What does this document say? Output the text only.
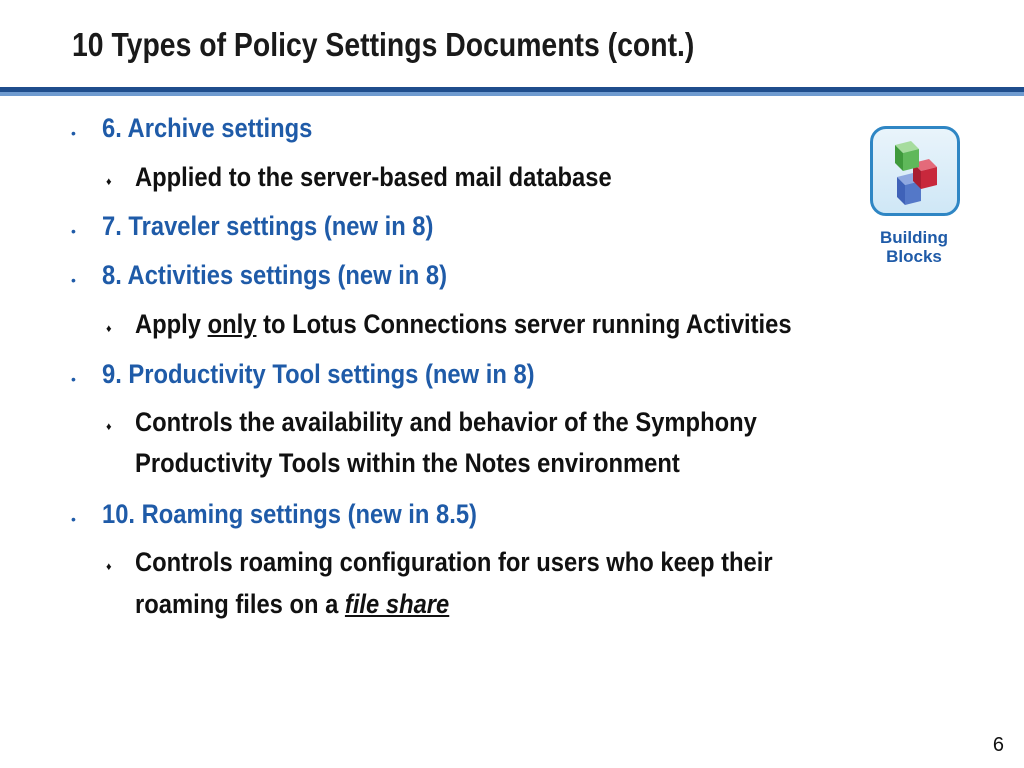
10 Types of Policy Settings Documents (cont.)
• 6. Archive settings
♦ Applied to the server-based mail database
• 7. Traveler settings (new in 8)
• 8. Activities settings (new in 8)
♦ Apply only to Lotus Connections server running Activities
• 9. Productivity Tool settings (new in 8)
♦ Controls the availability and behavior of the Symphony
Productivity Tools within the Notes environment
• 10. Roaming settings (new in 8.5)
♦ Controls roaming configuration for users who keep their
roaming files on a file share
Building
Blocks
6
